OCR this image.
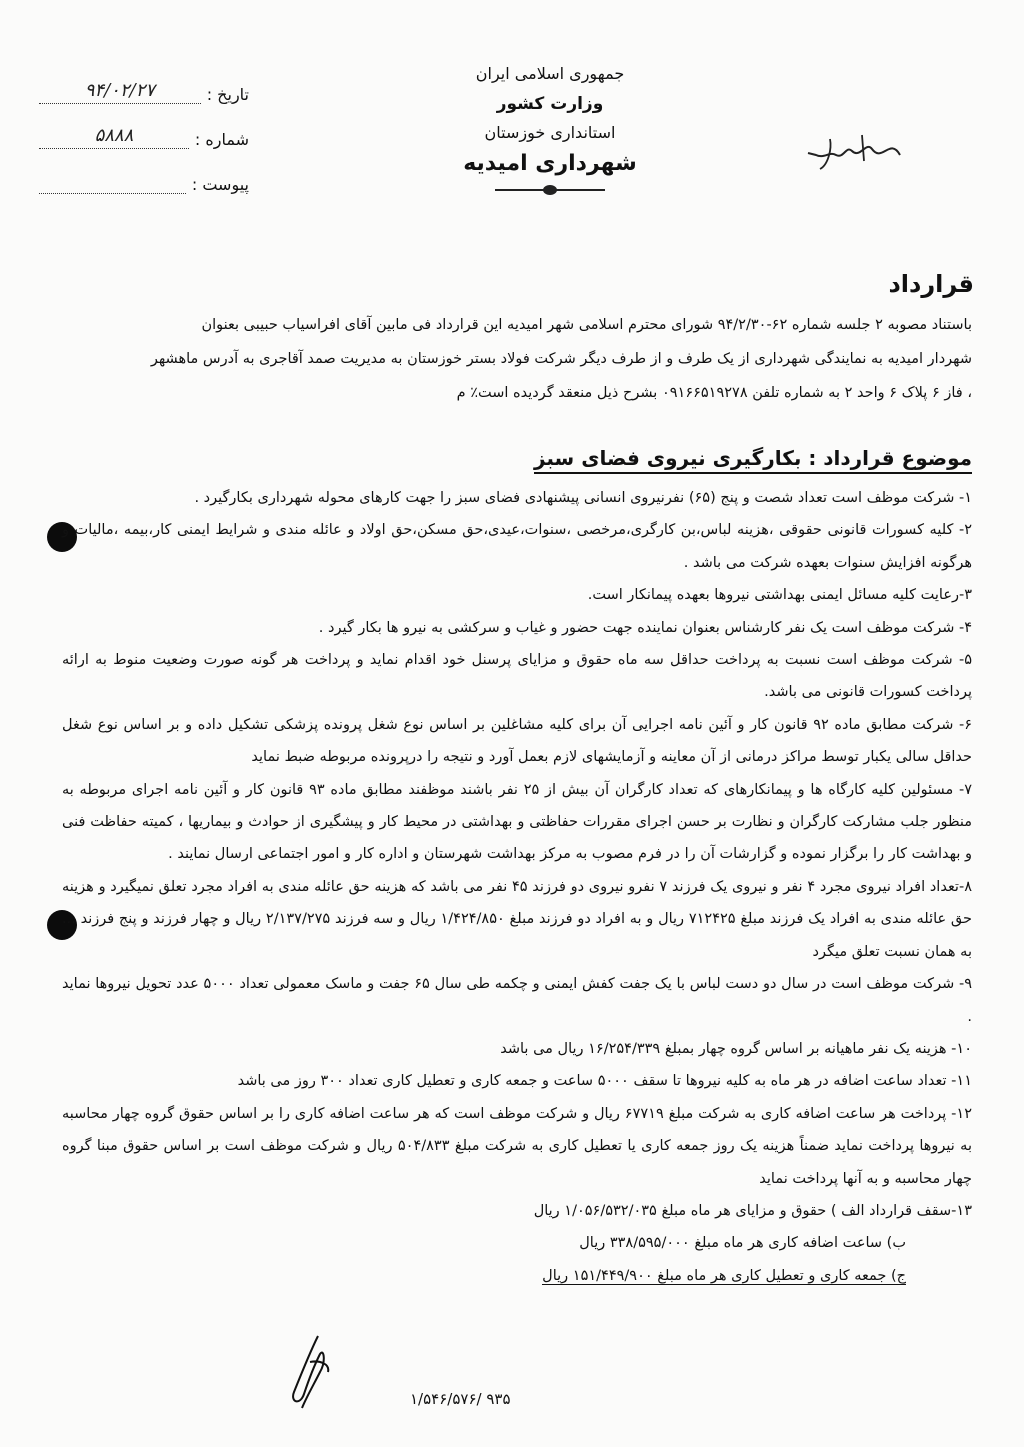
جمهوری اسلامی ایران
وزارت کشور
استانداری خوزستان
شهرداری امیدیه
تاریخ :
۹۴/۰۲/۲۷
شماره :
۵۸۸۸
پیوست :
قرارداد
باستناد مصوبه ۲ جلسه شماره ۶۲-۹۴/۲/۳۰ شورای محترم اسلامی شهر امیدیه این قرارداد فی مابین آقای افراسیاب حبیبی بعنوان
شهردار امیدیه به نمایندگی شهرداری از یک طرف و از طرف دیگر شرکت فولاد بستر خوزستان به مدیریت صمد آقاجری به آدرس ماهشهر
، فاز ۶ پلاک ۶ واحد ۲ به شماره تلفن ۰۹۱۶۶۵۱۹۲۷۸ بشرح ذیل منعقد گردیده است٪ م
موضوع قرارداد : بکارگیری نیروی فضای سبز

۱- شرکت موظف است تعداد شصت و پنج (۶۵) نفرنیروی انسانی پیشنهادی فضای سبز را جهت کارهای محوله شهرداری بکارگیرد .

۲- کلیه کسورات قانونی حقوقی ،هزینه لباس،بن کارگری،مرخصی ،سنوات،عیدی،حق مسکن،حق اولاد و عائله مندی و شرایط ایمنی کار،بیمه ،مالیات و هرگونه افزایش سنوات بعهده شرکت می باشد .

۳-رعایت کلیه مسائل ایمنی بهداشتی نیروها بعهده پیمانکار است.

۴- شرکت موظف است یک نفر کارشناس بعنوان نماینده جهت حضور و غیاب و سرکشی به نیرو ها بکار گیرد .

۵- شرکت موظف است نسبت به پرداخت حداقل سه ماه حقوق و مزایای پرسنل خود اقدام نماید و پرداخت هر گونه صورت وضعیت منوط به ارائه پرداخت کسورات قانونی می باشد.

۶- شرکت مطابق ماده ۹۲ قانون کار و آئین نامه اجرایی آن برای کلیه مشاغلین بر اساس نوع شغل پرونده پزشکی تشکیل داده و بر اساس نوع شغل حداقل سالی یکبار توسط مراکز درمانی از آن معاینه و آزمایشهای لازم بعمل آورد و نتیجه را درپرونده مربوطه ضبط نماید

۷- مسئولین کلیه کارگاه ها و پیمانکارهای که تعداد کارگران آن بیش از ۲۵ نفر باشند موظفند مطابق ماده ۹۳ قانون کار و آئین نامه اجرای مربوطه به منظور جلب مشارکت کارگران و نظارت بر حسن اجرای مقررات حفاظتی و بهداشتی در محیط کار و پیشگیری از حوادث و بیماریها ، کمیته حفاظت فنی و بهداشت کار را برگزار نموده و گزارشات آن را در فرم مصوب به مرکز بهداشت شهرستان و اداره کار و امور اجتماعی ارسال نمایند .

۸-تعداد افراد نیروی مجرد ۴ نفر و نیروی یک فرزند ۷ نفرو نیروی دو فرزند ۴۵ نفر می باشد که هزینه حق عائله مندی به افراد مجرد تعلق نمیگیرد و هزینه حق عائله مندی به افراد یک فرزند مبلغ ۷۱۲۴۲۵ ریال و به افراد دو فرزند مبلغ ۱/۴۲۴/۸۵۰ ریال و سه فرزند ۲/۱۳۷/۲۷۵ ریال و چهار فرزند و پنج فرزند ... به همان نسبت تعلق میگرد

۹- شرکت موظف است در سال دو دست لباس با یک جفت کفش ایمنی و چکمه طی سال ۶۵ جفت و ماسک معمولی تعداد ۵۰۰۰ عدد تحویل نیروها نماید .

۱۰- هزینه یک نفر ماهیانه بر اساس گروه چهار بمبلغ ۱۶/۲۵۴/۳۳۹ ریال می باشد

۱۱- تعداد ساعت اضافه در هر ماه به کلیه نیروها تا سقف ۵۰۰۰ ساعت و جمعه کاری و تعطیل کاری تعداد ۳۰۰ روز می باشد

۱۲- پرداخت هر ساعت اضافه کاری به شرکت مبلغ ۶۷۷۱۹ ریال و شرکت موظف است که هر ساعت اضافه کاری را بر اساس حقوق گروه چهار محاسبه به نیروها پرداخت نماید ضمناً هزینه یک روز جمعه کاری یا تعطیل کاری به شرکت مبلغ ۵۰۴/۸۳۳ ریال و شرکت موظف است بر اساس حقوق مبنا گروه چهار محاسبه و به آنها پرداخت نماید

۱۳-سقف قرارداد الف ) حقوق و مزایای هر ماه مبلغ ۱/۰۵۶/۵۳۲/۰۳۵ ریال

ب) ساعت اضافه کاری هر ماه مبلغ ۳۳۸/۵۹۵/۰۰۰ ریال

ج) جمعه کاری و تعطیل کاری هر ماه مبلغ ۱۵۱/۴۴۹/۹۰۰ ریال

۱/۵۴۶/۵۷۶/ ۹۳۵
